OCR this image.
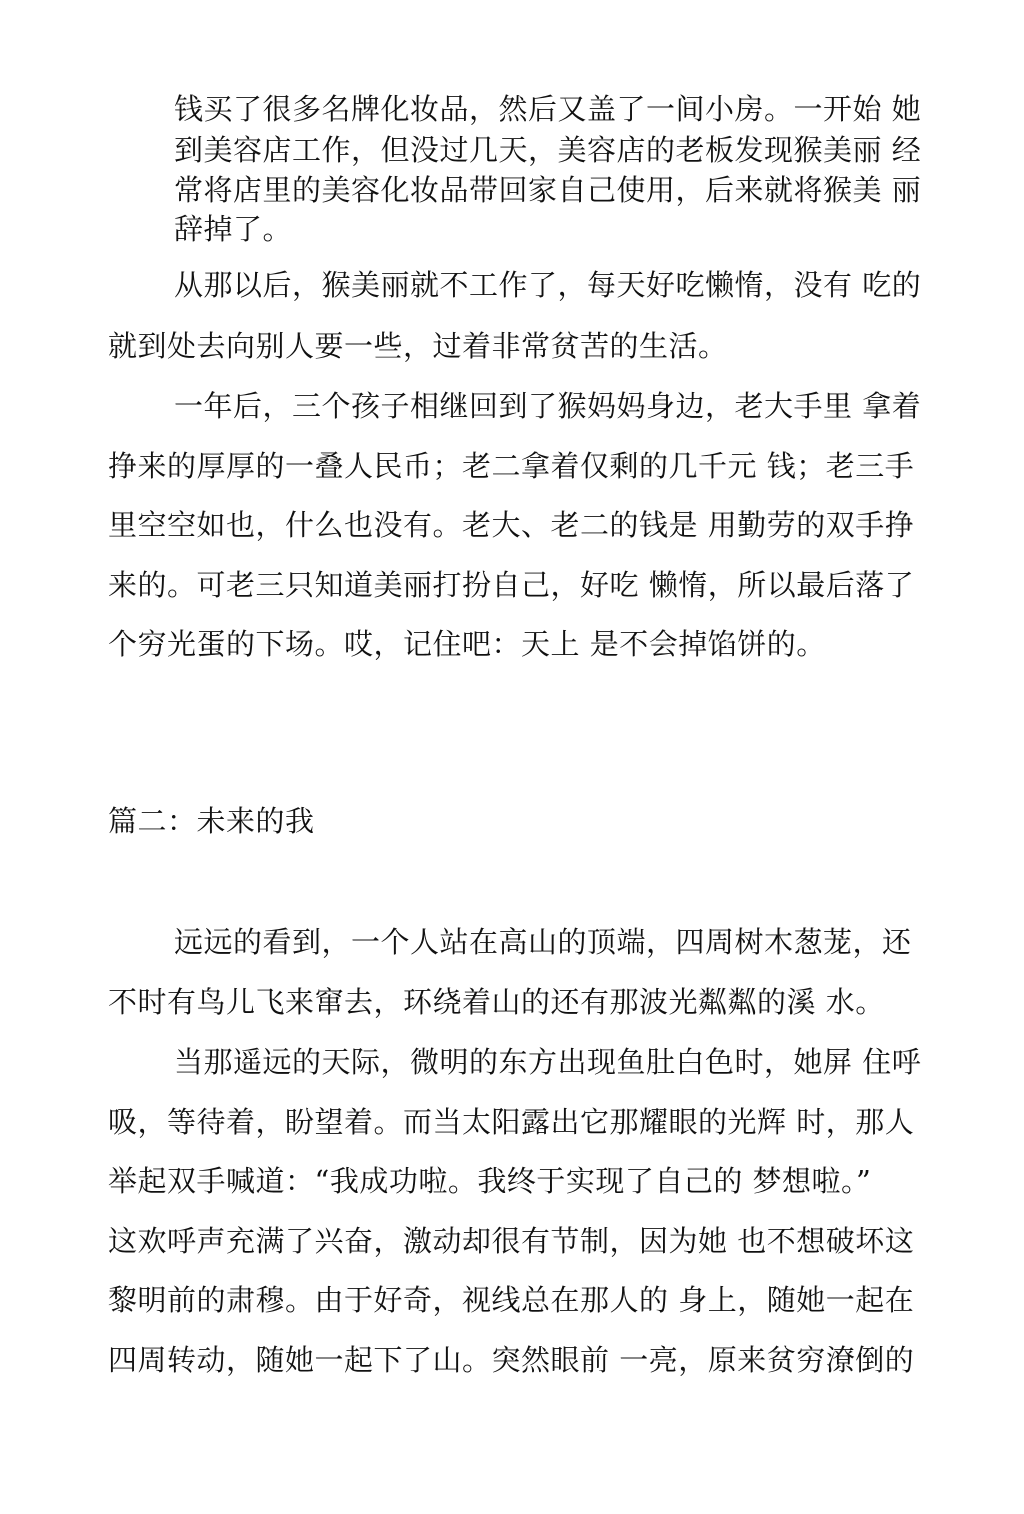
钱买了很多名牌化妆品，然后又盖了一间小房。一开始 她
到美容店工作，但没过几天，美容店的老板发现猴美丽 经
常将店里的美容化妆品带回家自己使用，后来就将猴美 丽
辞掉了。
从那以后，猴美丽就不工作了，每天好吃懒惰，没有 吃的
就到处去向别人要一些，过着非常贫苦的生活。
一年后，三个孩子相继回到了猴妈妈身边，老大手里 拿着
挣来的厚厚的一叠人民币；老二拿着仅剩的几千元 钱；老三手
里空空如也，什么也没有。老大、老二的钱是 用勤劳的双手挣
来的。可老三只知道美丽打扮自己，好吃 懒惰，所以最后落了
个穷光蛋的下场。哎，记住吧：天上 是不会掉馅饼的。
篇二：未来的我
远远的看到，一个人站在高山的顶端，四周树木葱茏，还
不时有鸟儿飞来窜去，环绕着山的还有那波光粼粼的溪 水。
当那遥远的天际，微明的东方出现鱼肚白色时，她屏 住呼
吸，等待着，盼望着。而当太阳露出它那耀眼的光辉 时，那人
举起双手喊道：“我成功啦。我终于实现了自己的 梦想啦。”
这欢呼声充满了兴奋，激动却很有节制，因为她 也不想破坏这
黎明前的肃穆。由于好奇，视线总在那人的 身上，随她一起在
四周转动，随她一起下了山。突然眼前 一亮，原来贫穷潦倒的
